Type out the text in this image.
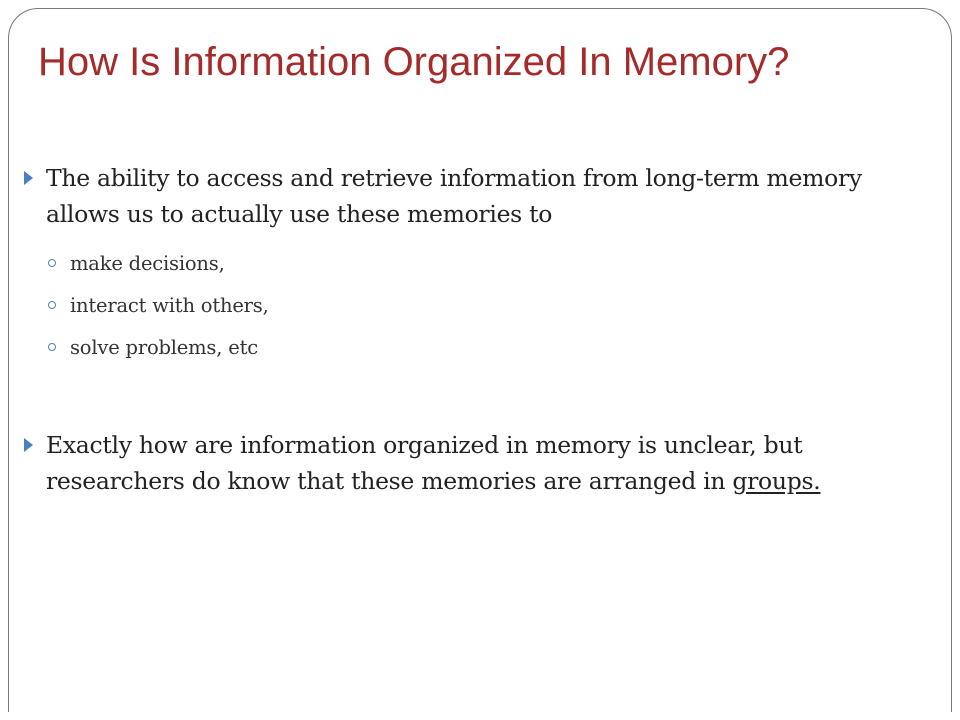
How Is Information Organized In Memory?
The ability to access and retrieve information from long-term memory allows us to actually use these memories to
make decisions,
interact with others,
solve problems, etc
Exactly how are information organized in memory is unclear, but researchers do know that these memories are arranged in groups.
